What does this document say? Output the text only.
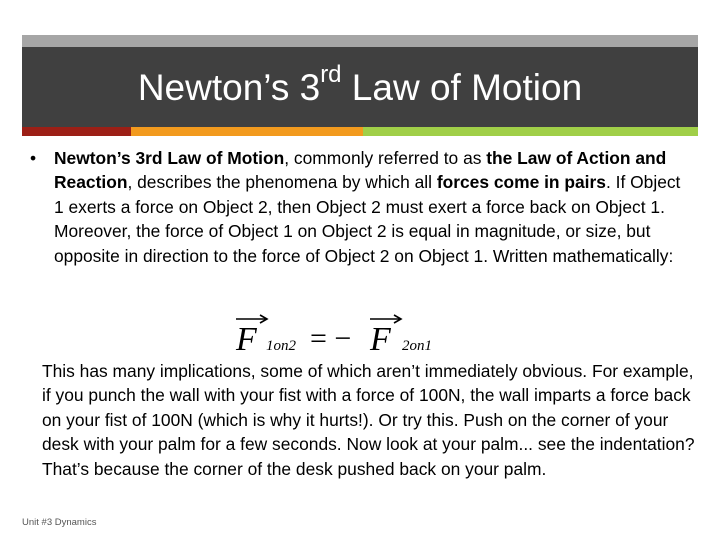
Newton’s 3rd Law of Motion
•	Newton’s 3rd Law of Motion, commonly referred to as the Law of Action and Reaction, describes the phenomena by which all forces come in pairs. If Object 1 exerts a force on Object 2, then Object 2 must exert a force back on Object 1. Moreover, the force of Object 1 on Object 2 is equal in magnitude, or size, but opposite in direction to the force of Object 2 on Object 1. Written mathematically:
F 1on2 = − F 2on1
This has many implications, some of which aren’t immediately obvious. For example, if you punch the wall with your fist with a force of 100N, the wall imparts a force back on your fist of 100N (which is why it hurts!). Or try this. Push on the corner of your desk with your palm for a few seconds. Now look at your palm... see the indentation? That’s because the corner of the desk pushed back on your palm.
Unit #3 Dynamics
